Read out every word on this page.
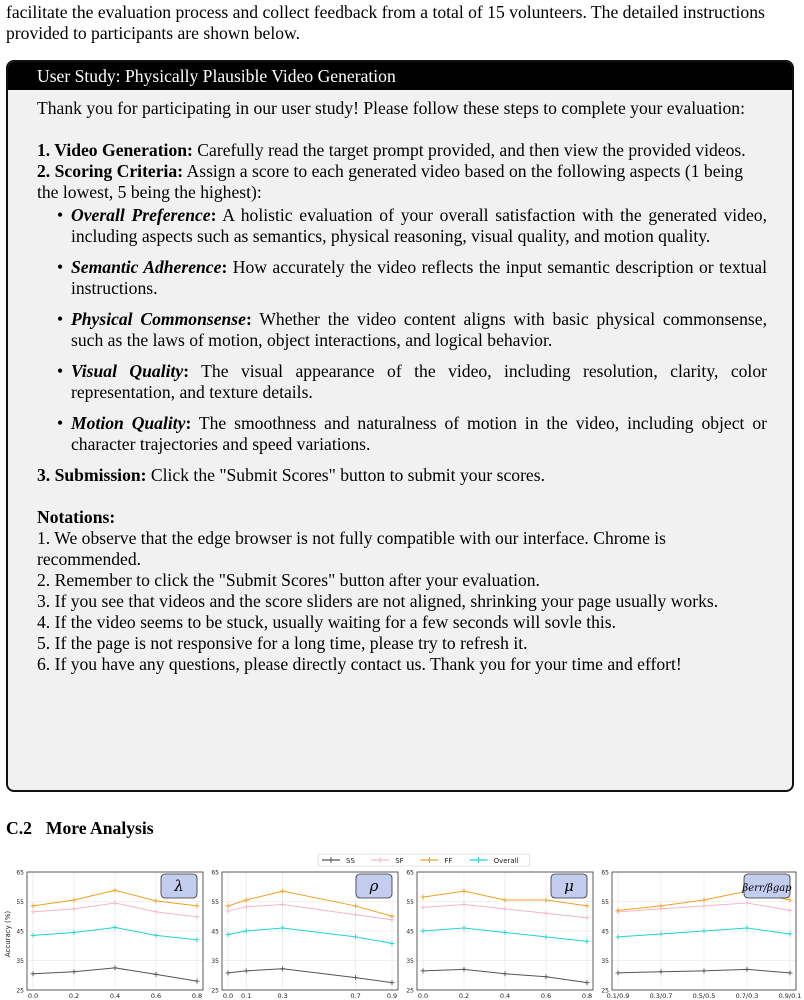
facilitate the evaluation process and collect feedback from a total of 15 volunteers. The detailed instructions provided to participants are shown below.
User Study: Physically Plausible Video Generation

Thank you for participating in our user study! Please follow these steps to complete your evaluation:

1. Video Generation: Carefully read the target prompt provided, and then view the provided videos.

2. Scoring Criteria: Assign a score to each generated video based on the following aspects (1 being the lowest, 5 being the highest):

• Overall Preference: A holistic evaluation of your overall satisfaction with the generated video, including aspects such as semantics, physical reasoning, visual quality, and motion quality.
• Semantic Adherence: How accurately the video reflects the input semantic description or textual instructions.
• Physical Commonsense: Whether the video content aligns with basic physical commonsense, such as the laws of motion, object interactions, and logical behavior.
• Visual Quality: The visual appearance of the video, including resolution, clarity, color representation, and texture details.
• Motion Quality: The smoothness and naturalness of motion in the video, including object or character trajectories and speed variations.

3. Submission: Click the "Submit Scores" button to submit your scores.

Notations:

1. We observe that the edge browser is not fully compatible with our interface. Chrome is recommended.

2. Remember to click the "Submit Scores" button after your evaluation.

3. If you see that videos and the score sliders are not aligned, shrinking your page usually works.

4. If the video seems to be stuck, usually waiting for a few seconds will sovle this.

5. If the page is not responsive for a long time, please try to refresh it.

6. If you have any questions, please directly contact us. Thank you for your time and effort!

C.2 More Analysis
SS	SF	FF	Overall
Accuracy (%)
25
35
45
55
65
0.0	0.2	0.4	0.6	0.8
λ
25
35
45
55
65
0.0 0.1	0.3	0.7	0.9
ρ
25
35
45
55
65
0.0	0.2	0.4	0.6	0.8
μ
25
35
45
55
65
0.1/0.9	0.3/0.7	0.5/0.5	0.7/0.3	0.9/0.1
βerr/βgap
